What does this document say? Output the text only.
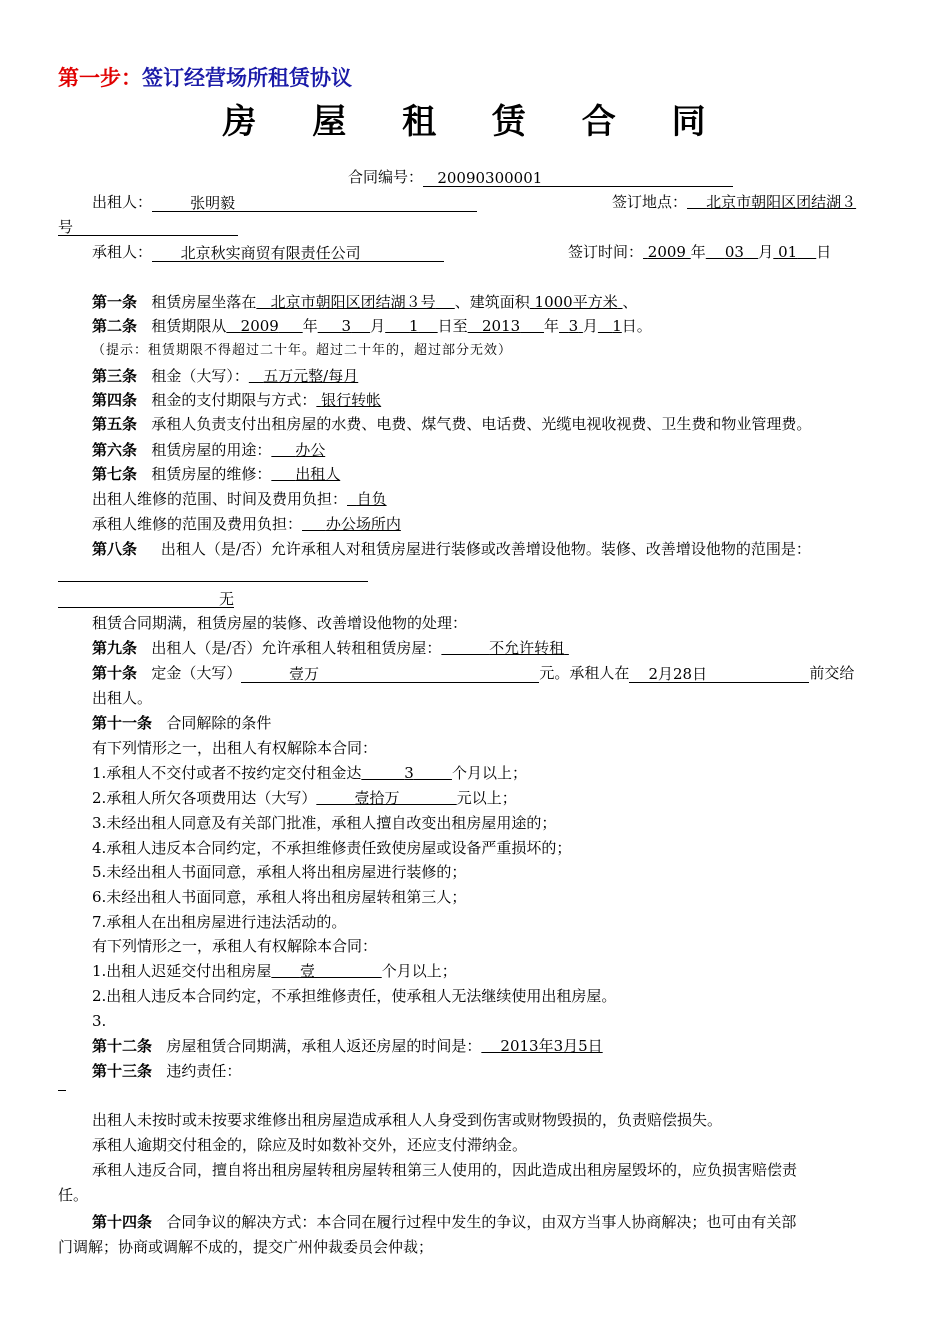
第一步：签订经营场所租赁协议
房 屋 租 赁 合 同
合同编号： 20090300001
出租人：	张明毅	签订地点： 北京市朝阳区团结湖３
号
承租人： 北京秋实商贸有限责任公司	签订时间： 2009 年 03 月 01 日
第一条 租赁房屋坐落在 北京市朝阳区团结湖３号 、建筑面积 1000平方米 、
第二条 租赁期限从 2009 年 3 月 1 日至 2013 年 3 月 1日。
（提示：租赁期限不得超过二十年。超过二十年的，超过部分无效）
第三条 租金（大写）： 五万元整/每月
第四条 租金的支付期限与方式： 银行转帐
第五条 承租人负责支付出租房屋的水费、电费、煤气费、电话费、光缆电视收视费、卫生费和物业管理费。
第六条 租赁房屋的用途： 办公
第七条 租赁房屋的维修： 出租人
出租人维修的范围、时间及费用负担： 自负
承租人维修的范围及费用负担： 办公场所内
第八条 出租人（是/否）允许承租人对租赁房屋进行装修或改善增设他物。装修、改善增设他物的范围是：
无
租赁合同期满，租赁房屋的装修、改善增设他物的处理：
第九条 出租人（是/否）允许承租人转租租赁房屋：	不允许转租
第十条 定金（大写）	壹万	元。承租人在 2月28日	前交给
出租人。
第十一条 合同解除的条件
有下列情形之一，出租人有权解除本合同：
1.承租人不交付或者不按约定交付租金达	3	个月以上；
2.承租人所欠各项费用达（大写）	壹拾万	元以上；
3.未经出租人同意及有关部门批准，承租人擅自改变出租房屋用途的；
4.承租人违反本合同约定，不承担维修责任致使房屋或设备严重损坏的；
5.未经出租人书面同意，承租人将出租房屋进行装修的；
6.未经出租人书面同意，承租人将出租房屋转租第三人；
7.承租人在出租房屋进行违法活动的。
有下列情形之一，承租人有权解除本合同：
1.出租人迟延交付出租房屋 壹	个月以上；
2.出租人违反本合同约定，不承担维修责任，使承租人无法继续使用出租房屋。
3.
第十二条 房屋租赁合同期满，承租人返还房屋的时间是： 2013年3月5日
第十三条 违约责任：
出租人未按时或未按要求维修出租房屋造成承租人人身受到伤害或财物毁损的，负责赔偿损失。
承租人逾期交付租金的，除应及时如数补交外，还应支付滞纳金。
承租人违反合同，擅自将出租房屋转租房屋转租第三人使用的，因此造成出租房屋毁坏的，应负损害赔偿责
任。
第十四条 合同争议的解决方式：本合同在履行过程中发生的争议，由双方当事人协商解决；也可由有关部
门调解；协商或调解不成的，提交广州仲裁委员会仲裁；
